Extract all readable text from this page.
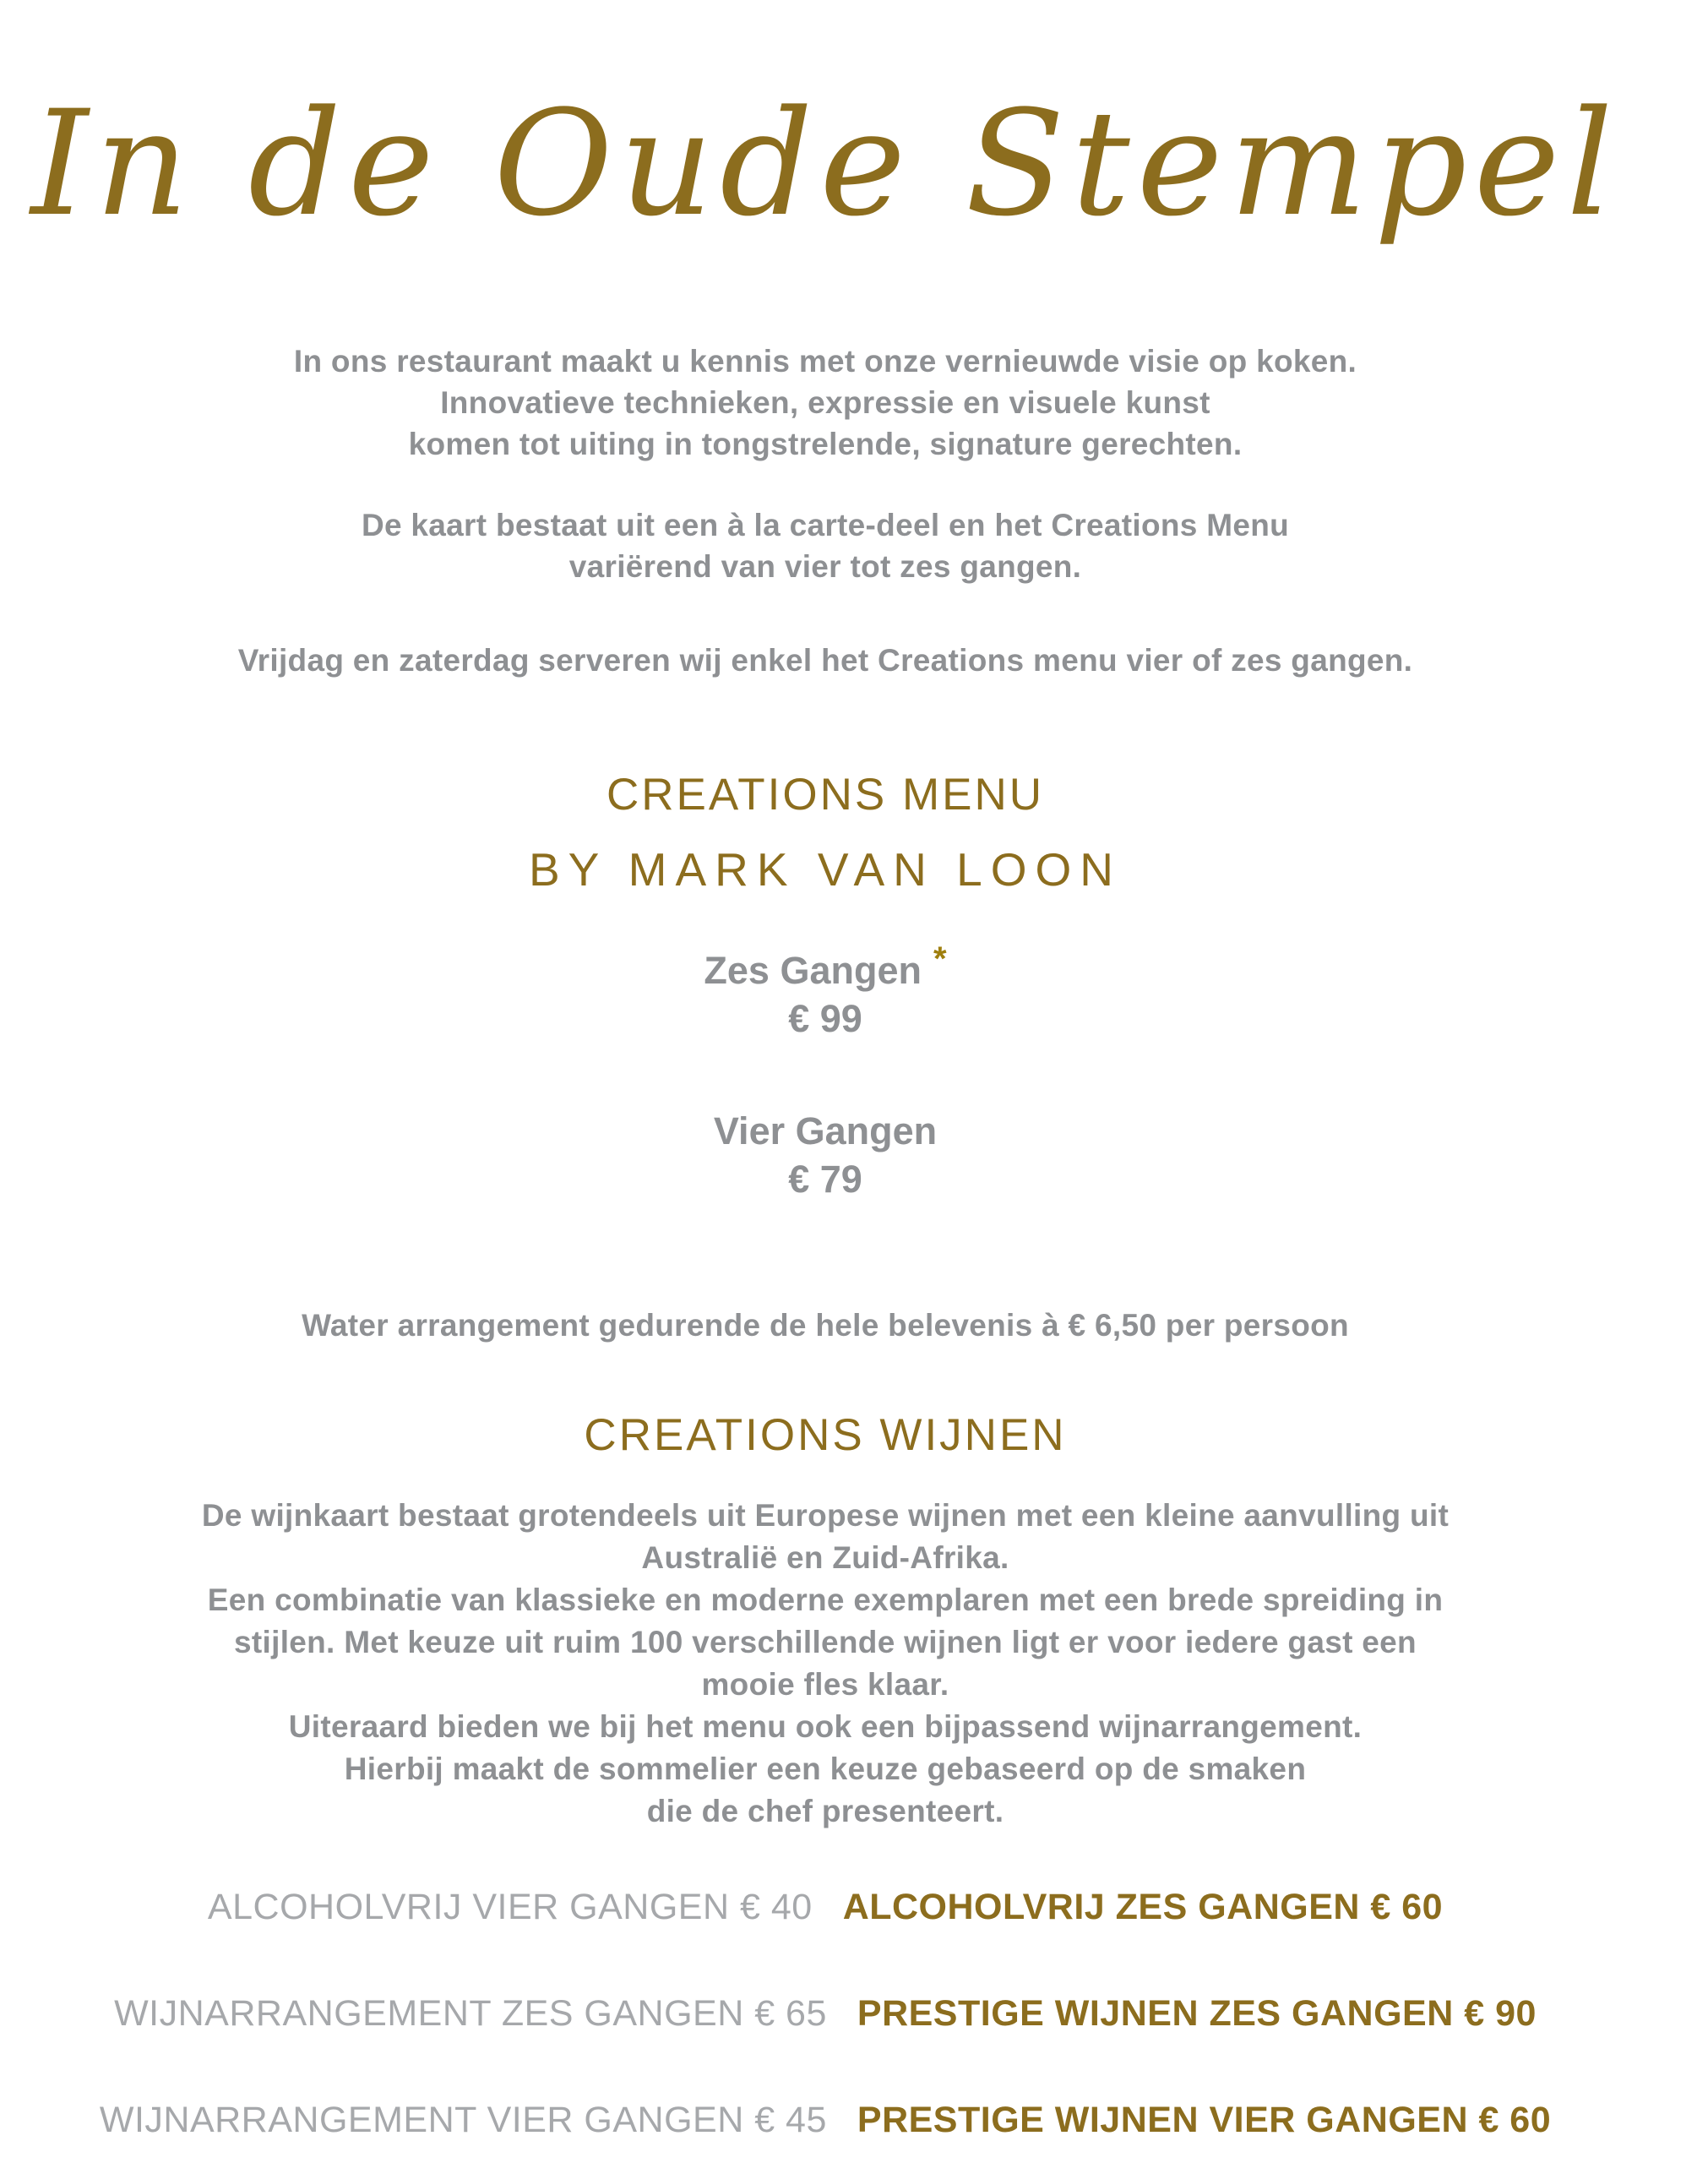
In de Oude Stempel
In ons restaurant maakt u kennis met onze vernieuwde visie op koken.
Innovatieve technieken, expressie en visuele kunst
komen tot uiting in tongstrelende, signature gerechten.
De kaart bestaat uit een à la carte-deel en het Creations Menu
variërend van vier tot zes gangen.
Vrijdag en zaterdag serveren wij enkel het Creations menu vier of zes gangen.
CREATIONS MENU
BY MARK VAN LOON
Zes Gangen *
€ 99
Vier Gangen
€ 79
Water arrangement gedurende de hele belevenis à € 6,50 per persoon
CREATIONS WIJNEN
De wijnkaart bestaat grotendeels uit Europese wijnen met een kleine aanvulling uit
Australië en Zuid-Afrika.
Een combinatie van klassieke en moderne exemplaren met een brede spreiding in
stijlen. Met keuze uit ruim 100 verschillende wijnen ligt er voor iedere gast een
mooie fles klaar.
Uiteraard bieden we bij het menu ook een bijpassend wijnarrangement.
Hierbij maakt de sommelier een keuze gebaseerd op de smaken
die de chef presenteert.
ALCOHOLVRIJ VIER GANGEN € 40 ALCOHOLVRIJ ZES GANGEN € 60
WIJNARRANGEMENT ZES GANGEN € 65 PRESTIGE WIJNEN ZES GANGEN € 90
WIJNARRANGEMENT VIER GANGEN € 45 PRESTIGE WIJNEN VIER GANGEN € 60
